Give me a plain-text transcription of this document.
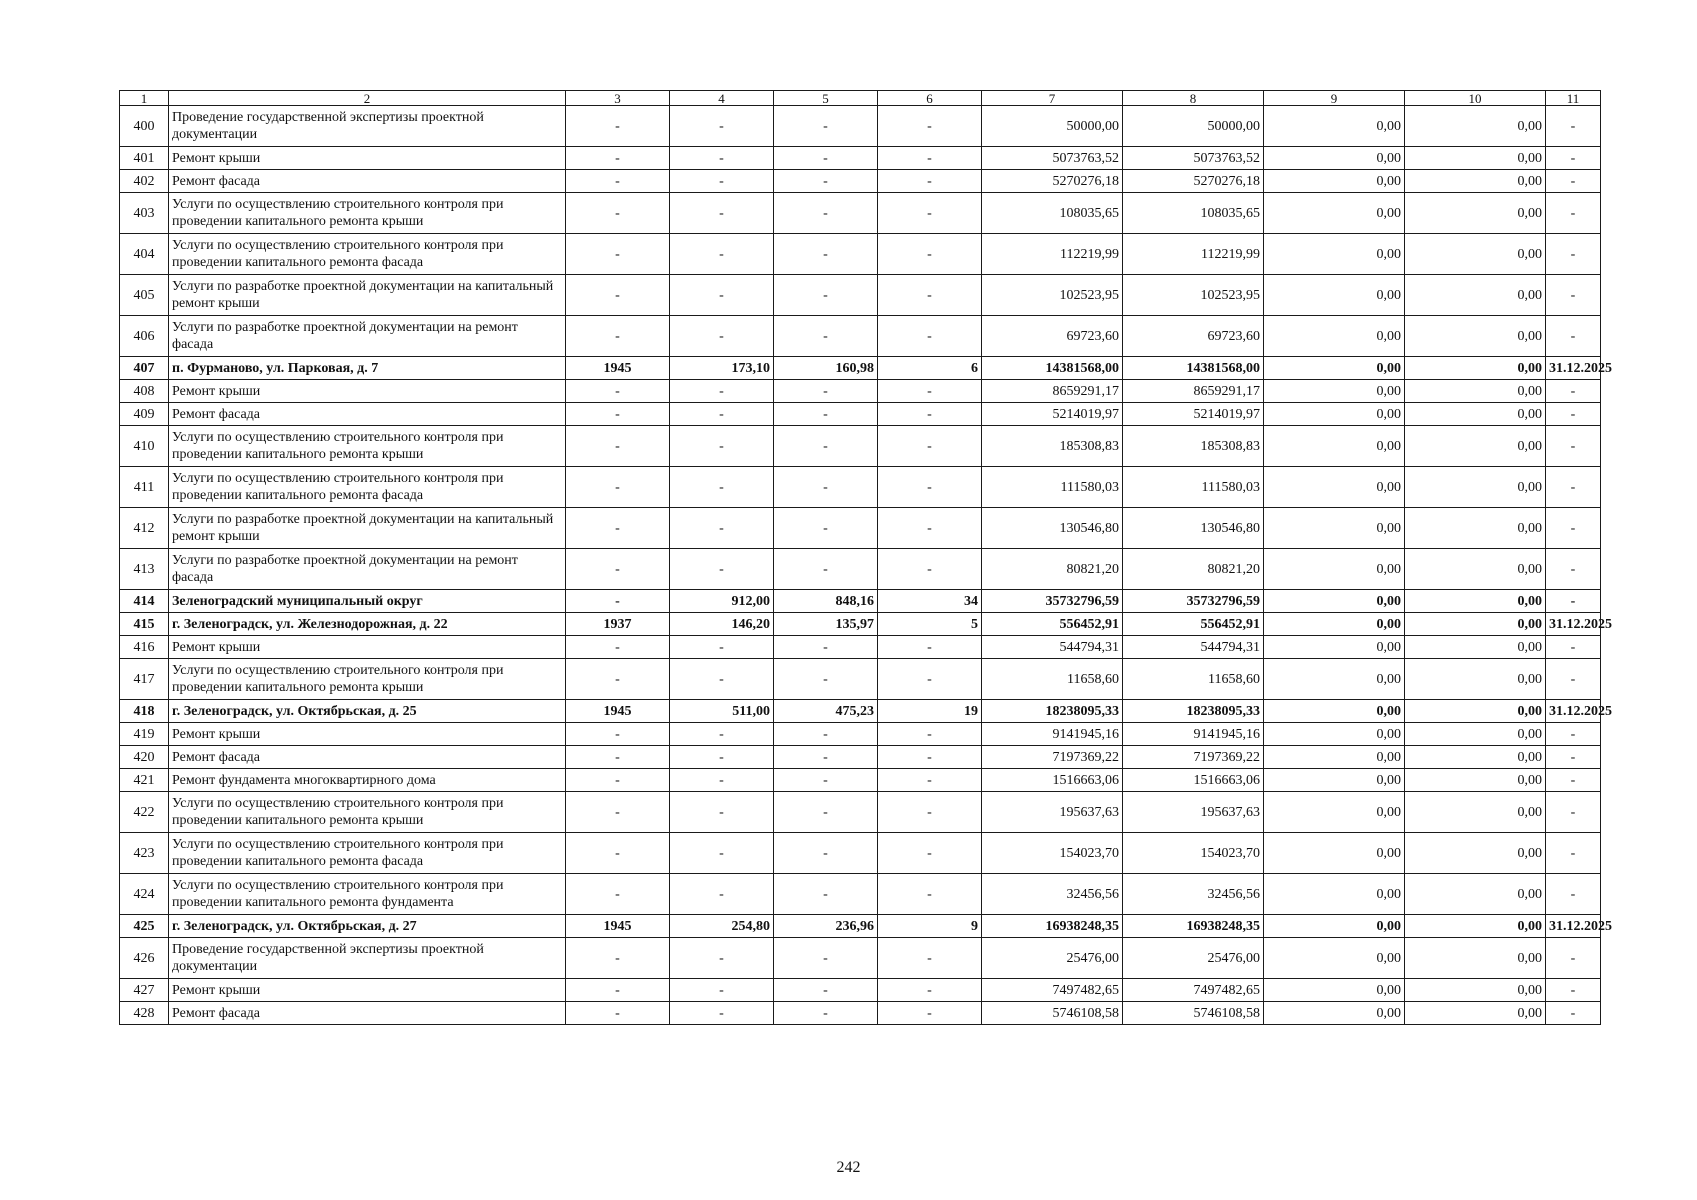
1	2	3	4	5	6	7	8	9	10	11
400	Проведение государственной экспертизы проектной документации	-	-	-	-	50000,00	50000,00	0,00	0,00	-
401	Ремонт крыши	-	-	-	-	5073763,52	5073763,52	0,00	0,00	-
402	Ремонт фасада	-	-	-	-	5270276,18	5270276,18	0,00	0,00	-
403	Услуги по осуществлению строительного контроля при проведении капитального ремонта крыши	-	-	-	-	108035,65	108035,65	0,00	0,00	-
404	Услуги по осуществлению строительного контроля при проведении капитального ремонта фасада	-	-	-	-	112219,99	112219,99	0,00	0,00	-
405	Услуги по разработке проектной документации на капитальный ремонт крыши	-	-	-	-	102523,95	102523,95	0,00	0,00	-
406	Услуги по разработке проектной документации на ремонт фасада	-	-	-	-	69723,60	69723,60	0,00	0,00	-
407	п. Фурманово, ул. Парковая, д. 7	1945	173,10	160,98	6	14381568,00	14381568,00	0,00	0,00	31.12.2025
408	Ремонт крыши	-	-	-	-	8659291,17	8659291,17	0,00	0,00	-
409	Ремонт фасада	-	-	-	-	5214019,97	5214019,97	0,00	0,00	-
410	Услуги по осуществлению строительного контроля при проведении капитального ремонта крыши	-	-	-	-	185308,83	185308,83	0,00	0,00	-
411	Услуги по осуществлению строительного контроля при проведении капитального ремонта фасада	-	-	-	-	111580,03	111580,03	0,00	0,00	-
412	Услуги по разработке проектной документации на капитальный ремонт крыши	-	-	-	-	130546,80	130546,80	0,00	0,00	-
413	Услуги по разработке проектной документации на ремонт фасада	-	-	-	-	80821,20	80821,20	0,00	0,00	-
414	Зеленоградский муниципальный округ	-	912,00	848,16	34	35732796,59	35732796,59	0,00	0,00	-
415	г. Зеленоградск, ул. Железнодорожная, д. 22	1937	146,20	135,97	5	556452,91	556452,91	0,00	0,00	31.12.2025
416	Ремонт крыши	-	-	-	-	544794,31	544794,31	0,00	0,00	-
417	Услуги по осуществлению строительного контроля при проведении капитального ремонта крыши	-	-	-	-	11658,60	11658,60	0,00	0,00	-
418	г. Зеленоградск, ул. Октябрьская, д. 25	1945	511,00	475,23	19	18238095,33	18238095,33	0,00	0,00	31.12.2025
419	Ремонт крыши	-	-	-	-	9141945,16	9141945,16	0,00	0,00	-
420	Ремонт фасада	-	-	-	-	7197369,22	7197369,22	0,00	0,00	-
421	Ремонт фундамента многоквартирного дома	-	-	-	-	1516663,06	1516663,06	0,00	0,00	-
422	Услуги по осуществлению строительного контроля при проведении капитального ремонта крыши	-	-	-	-	195637,63	195637,63	0,00	0,00	-
423	Услуги по осуществлению строительного контроля при проведении капитального ремонта фасада	-	-	-	-	154023,70	154023,70	0,00	0,00	-
424	Услуги по осуществлению строительного контроля при проведении капитального ремонта фундамента	-	-	-	-	32456,56	32456,56	0,00	0,00	-
425	г. Зеленоградск, ул. Октябрьская, д. 27	1945	254,80	236,96	9	16938248,35	16938248,35	0,00	0,00	31.12.2025
426	Проведение государственной экспертизы проектной документации	-	-	-	-	25476,00	25476,00	0,00	0,00	-
427	Ремонт крыши	-	-	-	-	7497482,65	7497482,65	0,00	0,00	-
428	Ремонт фасада	-	-	-	-	5746108,58	5746108,58	0,00	0,00	-
242
